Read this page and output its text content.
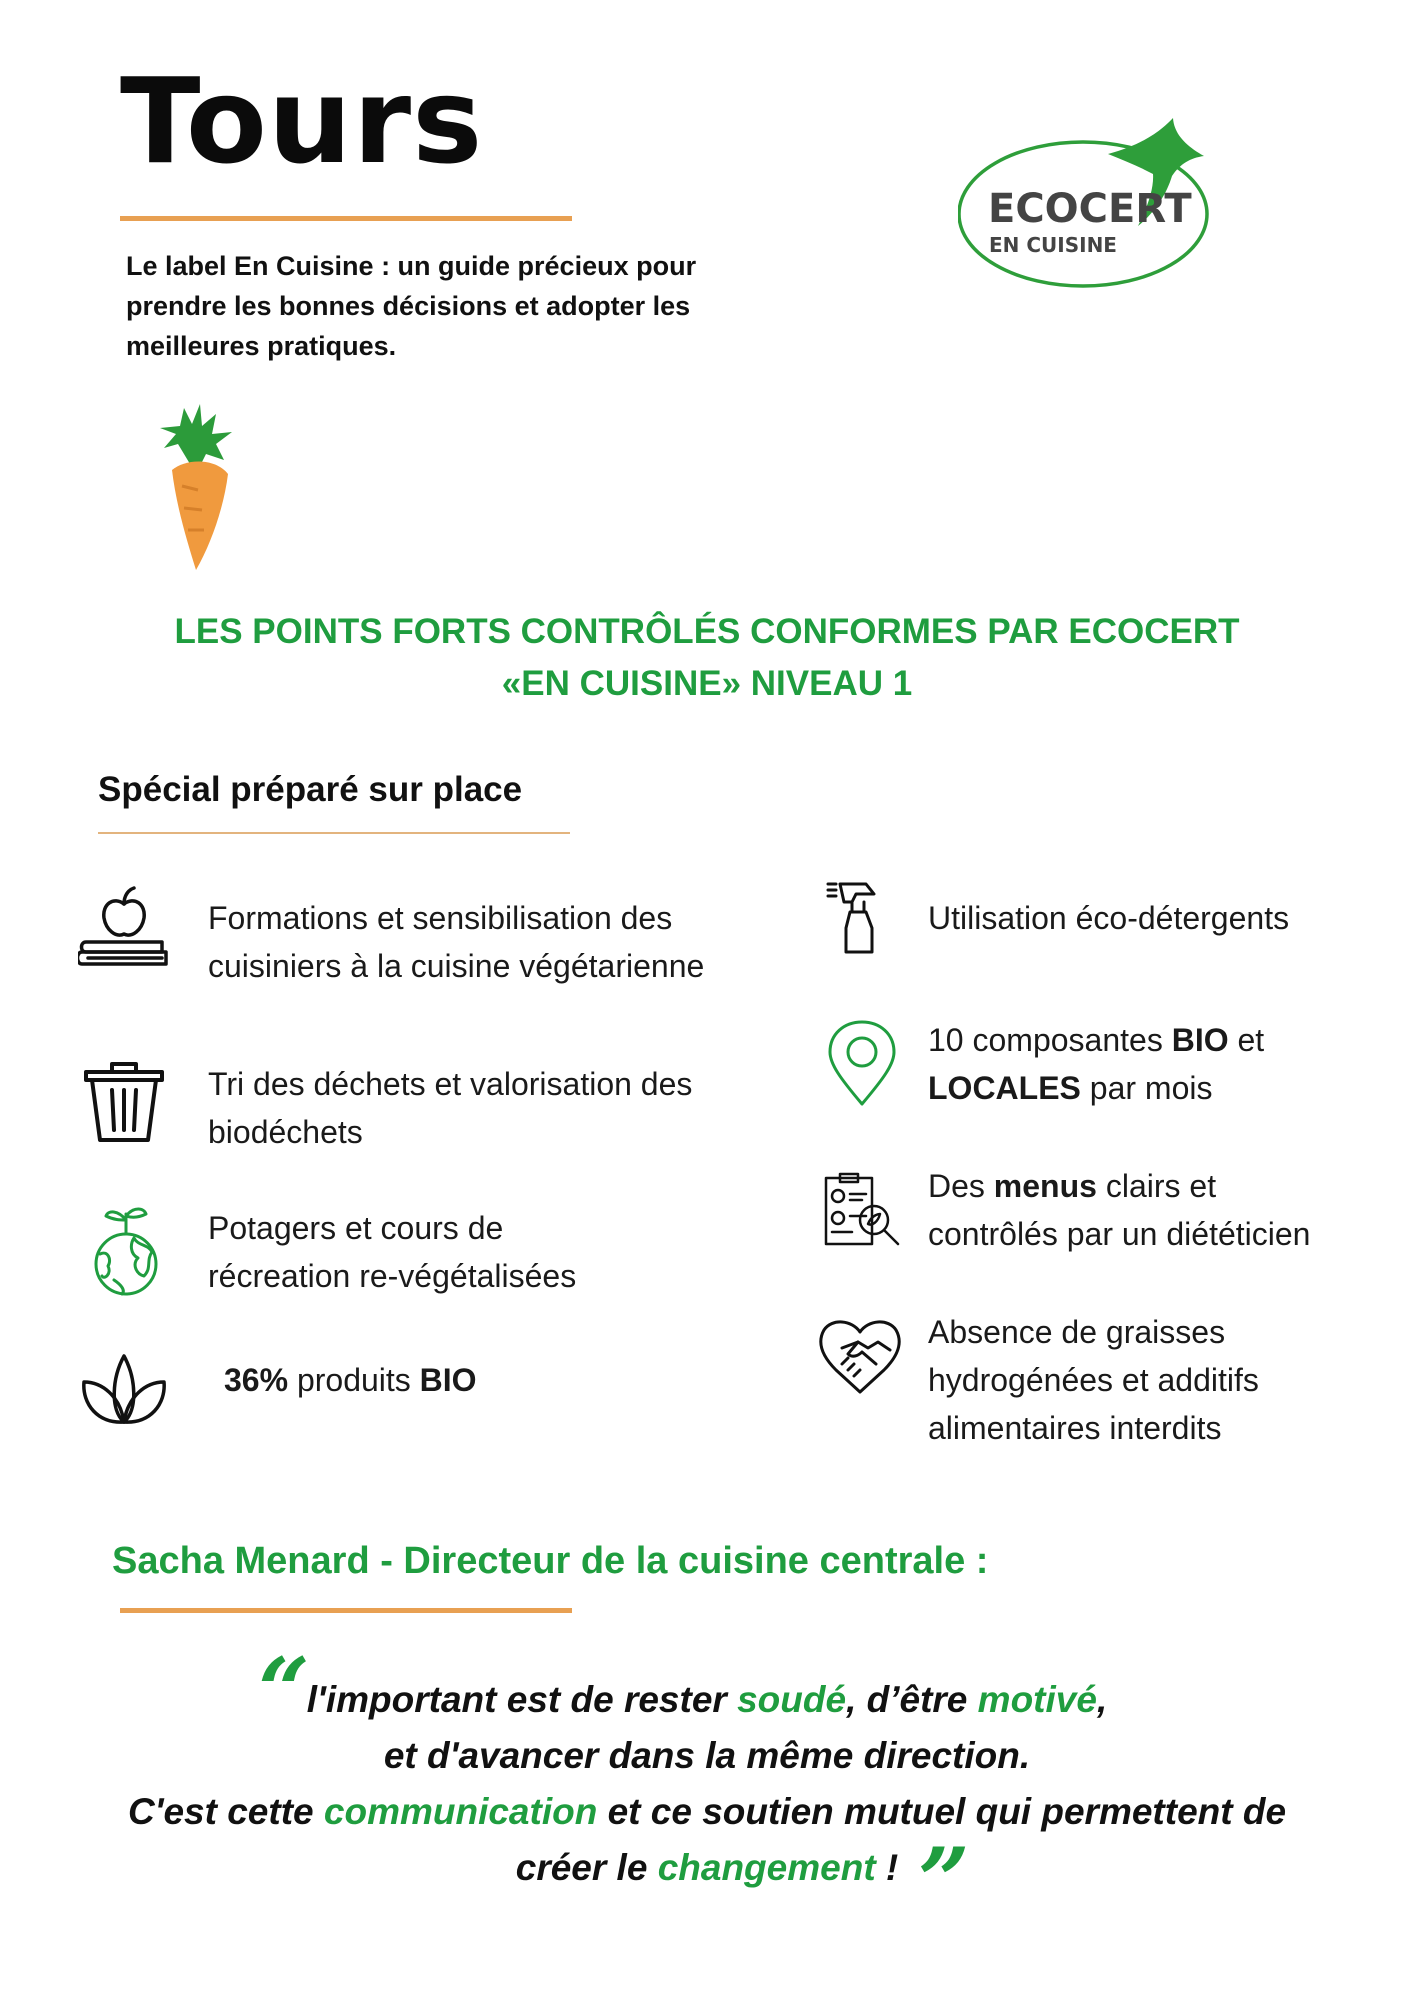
Tours
Le label En Cuisine : un guide précieux pour
prendre les bonnes décisions et adopter les
meilleures pratiques.
ECOCERT
EN CUISINE
LES POINTS FORTS CONTRÔLÉS CONFORMES PAR ECOCERT
«EN CUISINE» NIVEAU 1
Spécial préparé sur place
Formations et sensibilisation des
cuisiniers à la cuisine végétarienne
Tri des déchets et valorisation des
biodéchets
Potagers et cours de
récreation re-végétalisées
36% produits BIO
Utilisation éco-détergents
10 composantes BIO et
LOCALES par mois
Des menus clairs et
contrôlés par un diététicien
Absence de graisses
hydrogénées et additifs
alimentaires interdits
Sacha Menard - Directeur de la cuisine centrale :
“
l'important est de rester soudé, d’être motivé,
et d'avancer dans la même direction.
C'est cette communication et ce soutien mutuel qui permettent de
créer le changement ! ”
